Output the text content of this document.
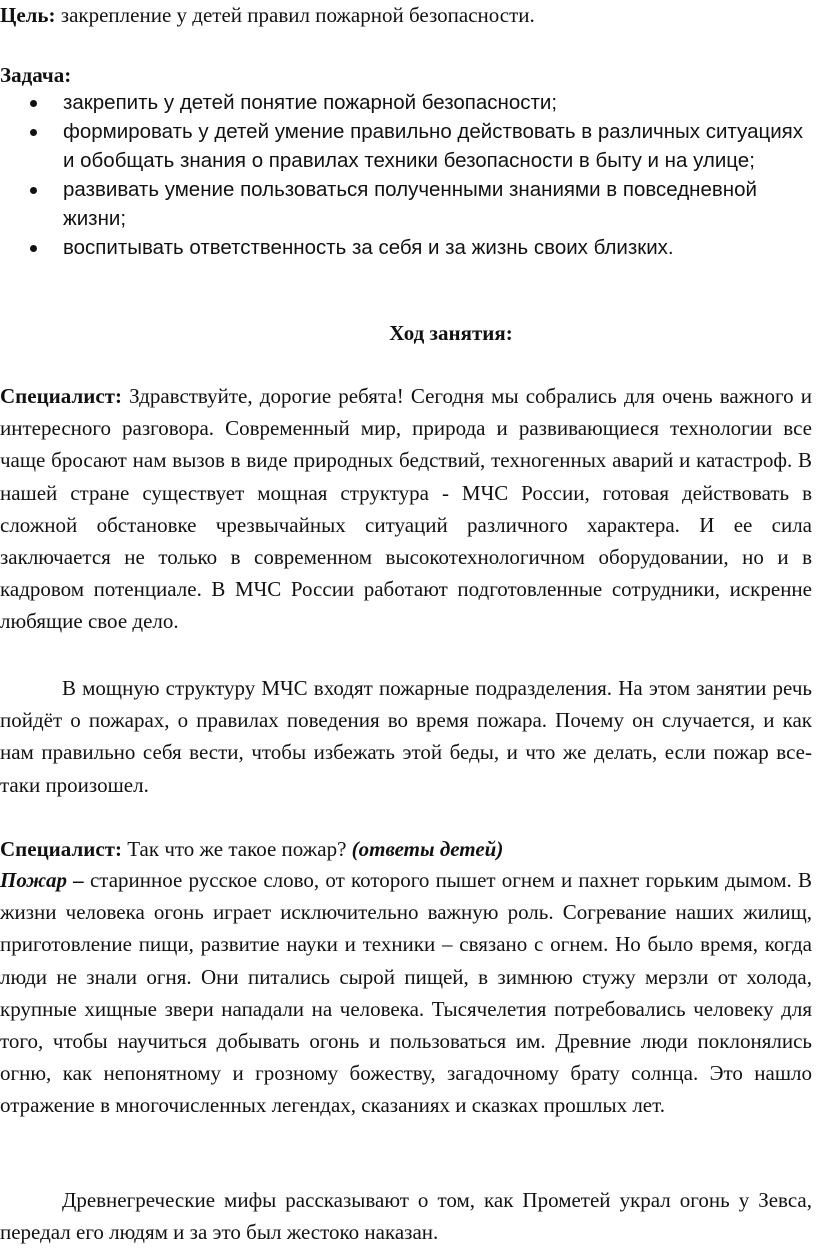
Цель: закрепление у детей правил пожарной безопасности.

Задача:

закрепить у детей понятие пожарной безопасности;
формировать у детей умение правильно действовать в различных ситуациях и обобщать знания о правилах техники безопасности в быту и на улице;
развивать умение пользоваться полученными знаниями в повседневной жизни;
воспитывать ответственность за себя и за жизнь своих близких.

Ход занятия:

Специалист: Здравствуйте, дорогие ребята! Сегодня мы собрались для очень важного и интересного разговора. Современный мир, природа и развивающиеся технологии все чаще бросают нам вызов в виде природных бедствий, техногенных аварий и катастроф. В нашей стране существует мощная структура - МЧС России, готовая действовать в сложной обстановке чрезвычайных ситуаций различного характера. И ее сила заключается не только в современном высокотехнологичном оборудовании, но и в кадровом потенциале. В МЧС России работают подготовленные сотрудники, искренне любящие свое дело.

В мощную структуру МЧС входят пожарные подразделения. На этом занятии речь пойдёт о пожарах, о правилах поведения во время пожара. Почему он случается, и как нам правильно себя вести, чтобы избежать этой беды, и что же делать, если пожар все-таки произошел.

Специалист: Так что же такое пожар? (ответы детей)

Пожар – старинное русское слово, от которого пышет огнем и пахнет горьким дымом. В жизни человека огонь играет исключительно важную роль. Согревание наших жилищ, приготовление пищи, развитие науки и техники – связано с огнем. Но было время, когда люди не знали огня. Они питались сырой пищей, в зимнюю стужу мерзли от холода, крупные хищные звери нападали на человека. Тысячелетия потребовались человеку для того, чтобы научиться добывать огонь и пользоваться им. Древние люди поклонялись огню, как непонятному и грозному божеству, загадочному брату солнца. Это нашло отражение в многочисленных легендах, сказаниях и сказках прошлых лет.

Древнегреческие мифы рассказывают о том, как Прометей украл огонь у Зевса, передал его людям и за это был жестоко наказан.
